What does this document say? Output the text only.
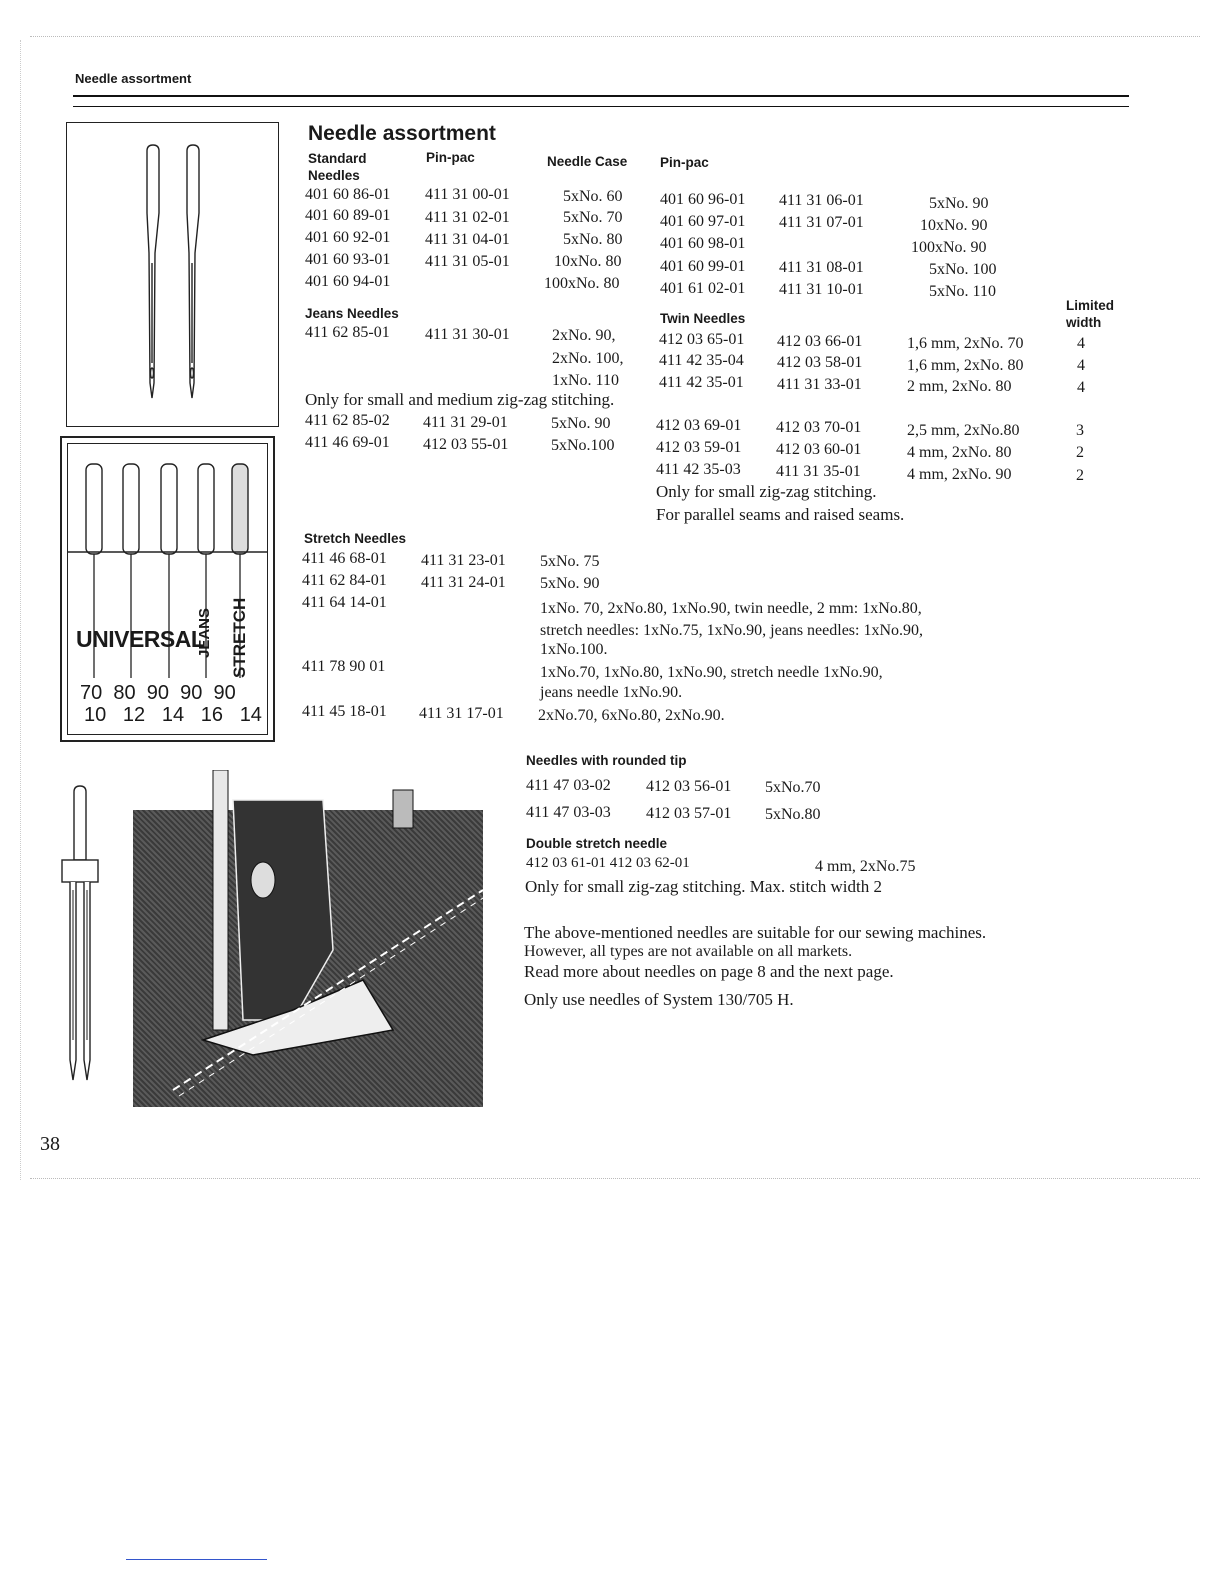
Needle assortment
UNIVERSAL
JEANS STRETCH
70 80 90 90 90
10 12 14 16 14
38
Needle assortment
Standard Needles
Pin-pac	Needle Case Pin-pac
401 60 86-01 411 31 00-01	5xNo. 60
401 60 89-01 411 31 02-01	5xNo. 70
401 60 92-01 411 31 04-01	5xNo. 80
401 60 93-01 411 31 05-01	10xNo. 80
401 60 94-01	100xNo. 80
401 60 96-01 411 31 06-01	5xNo. 90
401 60 97-01 411 31 07-01	10xNo. 90
401 60 98-01	100xNo. 90
401 60 99-01 411 31 08-01	5xNo. 100
401 61 02-01 411 31 10-01	5xNo. 110
Limited width
Jeans Needles
411 62 85-01 411 31 30-01	2xNo. 90,
2xNo. 100,
1xNo. 110
Only for small and medium zig-zag stitching.
411 62 85-02 411 31 29-01	5xNo. 90
411 46 69-01 412 03 55-01	5xNo.100
Twin Needles
412 03 65-01 412 03 66-01	1,6 mm, 2xNo. 70	4
411 42 35-04 412 03 58-01	1,6 mm, 2xNo. 80	4
411 42 35-01 411 31 33-01	2 mm, 2xNo. 80	4
412 03 69-01 412 03 70-01	2,5 mm, 2xNo.80	3
412 03 59-01 412 03 60-01	4 mm, 2xNo. 80	2
411 42 35-03 411 31 35-01	4 mm, 2xNo. 90	2
Only for small zig-zag stitching.
For parallel seams and raised seams.
Stretch Needles
411 46 68-01 411 31 23-01 5xNo. 75
411 62 84-01 411 31 24-01 5xNo. 90
411 64 14-01	1xNo. 70, 2xNo.80, 1xNo.90, twin needle, 2 mm: 1xNo.80,
stretch needles: 1xNo.75, 1xNo.90, jeans needles: 1xNo.90,
1xNo.100.
411 78 90 01	1xNo.70, 1xNo.80, 1xNo.90, stretch needle 1xNo.90,
jeans needle 1xNo.90.
411 45 18-01 411 31 17-01 2xNo.70, 6xNo.80, 2xNo.90.
Needles with rounded tip
411 47 03-02 412 03 56-01 5xNo.70
411 47 03-03 412 03 57-01 5xNo.80
Double stretch needle
412 03 61-01 412 03 62-01	4 mm, 2xNo.75
Only for small zig-zag stitching. Max. stitch width 2
The above-mentioned needles are suitable for our sewing machines.
However, all types are not available on all markets.
Read more about needles on page 8 and the next page.
Only use needles of System 130/705 H.
